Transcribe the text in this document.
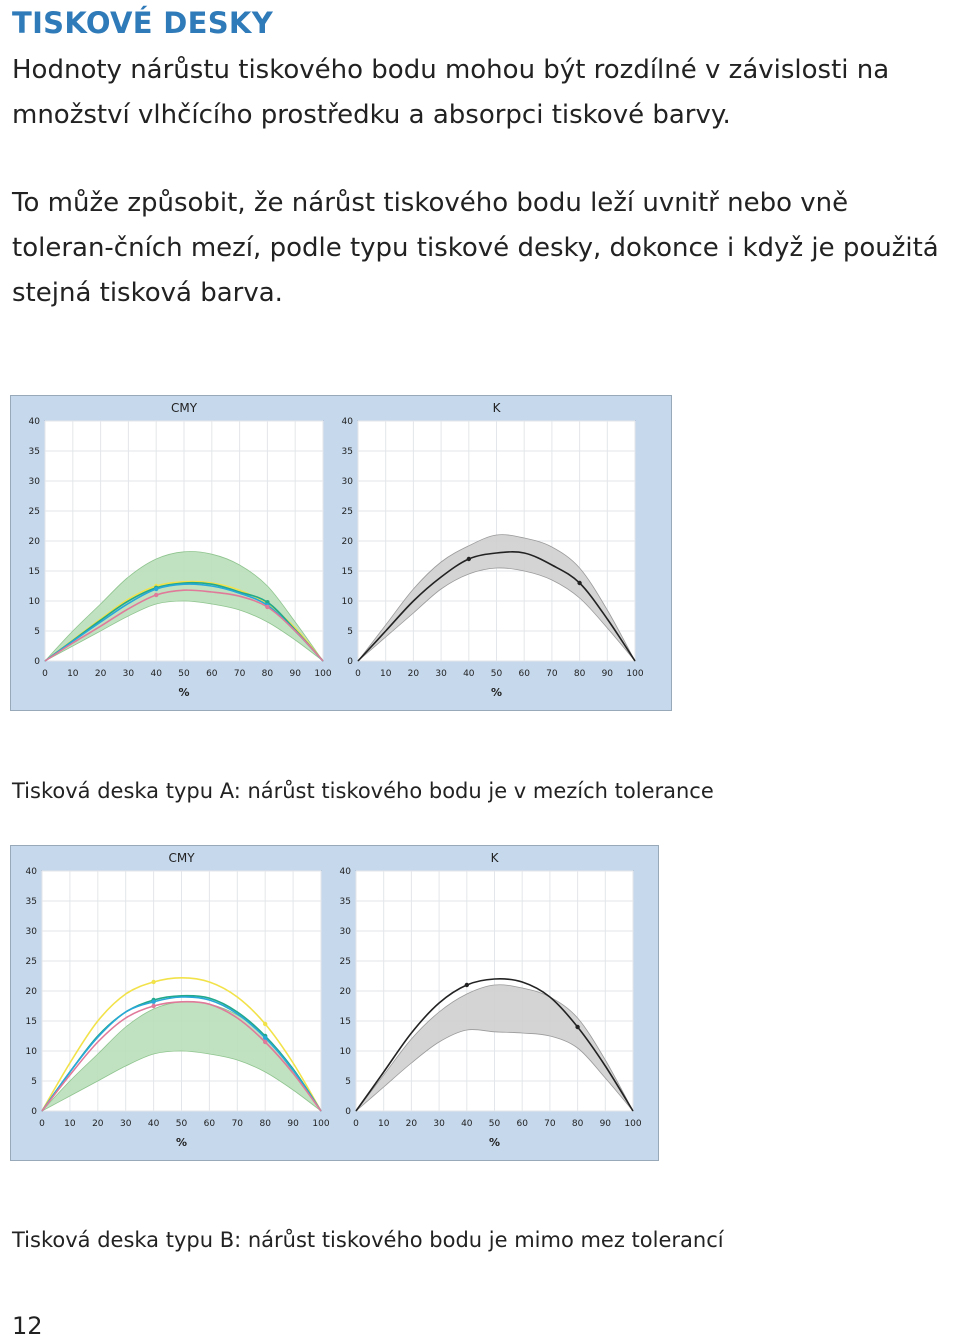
TISKOVÉ DESKY

Hodnoty nárůstu tiskového bodu mohou být rozdílné v závislosti na množství vlhčícího prostředku a absorpci tiskové barvy.

To může způsobit, že nárůst tiskového bodu leží uvnitř nebo vně toleran-čních mezí, podle typu tiskové desky, dokonce i když je použitá stejná tisková barva.

0 10 20 30 40 50 60 70 80 90 100
0
5
10
15
20
25
30
35
40
CMY
%
0 10 20 30 40 50 60 70 80 90 100
0
5
10
15
20
25
30
35
40
K
%

Tisková deska typu A: nárůst tiskového bodu je v mezích tolerance

0 10 20 30 40 50 60 70 80 90 100
0
5
10
15
20
25
30
35
40
CMY
%
0 10 20 30 40 50 60 70 80 90 100
0
5
10
15
20
25
30
35
40
K
%

Tisková deska typu B: nárůst tiskového bodu je mimo mez tolerancí

12
